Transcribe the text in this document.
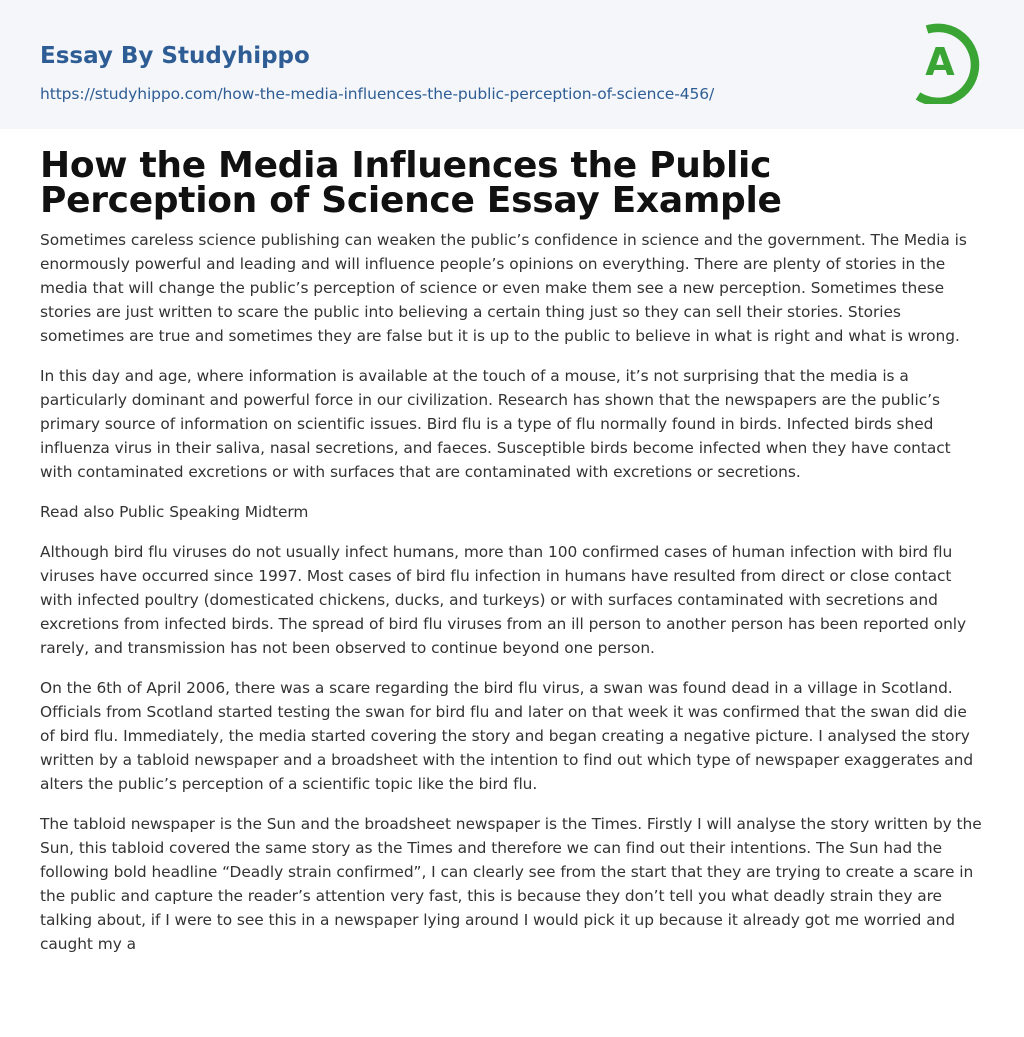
Essay By Studyhippo
https://studyhippo.com/how-the-media-influences-the-public-perception-of-science-456/
A
How the Media Influences the Public Perception of Science Essay Example

Sometimes careless science publishing can weaken the public’s confidence in science and the government. The Media is enormously powerful and leading and will influence people’s opinions on everything. There are plenty of stories in the media that will change the public’s perception of science or even make them see a new perception. Sometimes these stories are just written to scare the public into believing a certain thing just so they can sell their stories. Stories sometimes are true and sometimes they are false but it is up to the public to believe in what is right and what is wrong.

In this day and age, where information is available at the touch of a mouse, it’s not surprising that the media is a particularly dominant and powerful force in our civilization. Research has shown that the newspapers are the public’s primary source of information on scientific issues. Bird flu is a type of flu normally found in birds. Infected birds shed influenza virus in their saliva, nasal secretions, and faeces. Susceptible birds become infected when they have contact with contaminated excretions or with surfaces that are contaminated with excretions or secretions.

Read also Public Speaking Midterm

Although bird flu viruses do not usually infect humans, more than 100 confirmed cases of human infection with bird flu viruses have occurred since 1997. Most cases of bird flu infection in humans have resulted from direct or close contact with infected poultry (domesticated chickens, ducks, and turkeys) or with surfaces contaminated with secretions and excretions from infected birds. The spread of bird flu viruses from an ill person to another person has been reported only rarely, and transmission has not been observed to continue beyond one person.

On the 6th of April 2006, there was a scare regarding the bird flu virus, a swan was found dead in a village in Scotland. Officials from Scotland started testing the swan for bird flu and later on that week it was confirmed that the swan did die of bird flu. Immediately, the media started covering the story and began creating a negative picture. I analysed the story written by a tabloid newspaper and a broadsheet with the intention to find out which type of newspaper exaggerates and alters the public’s perception of a scientific topic like the bird flu.

The tabloid newspaper is the Sun and the broadsheet newspaper is the Times. Firstly I will analyse the story written by the Sun, this tabloid covered the same story as the Times and therefore we can find out their intentions. The Sun had the following bold headline “Deadly strain confirmed”, I can clearly see from the start that they are trying to create a scare in the public and capture the reader’s attention very fast, this is because they don’t tell you what deadly strain they are talking about, if I were to see this in a newspaper lying around I would pick it up because it already got me worried and caught my a
